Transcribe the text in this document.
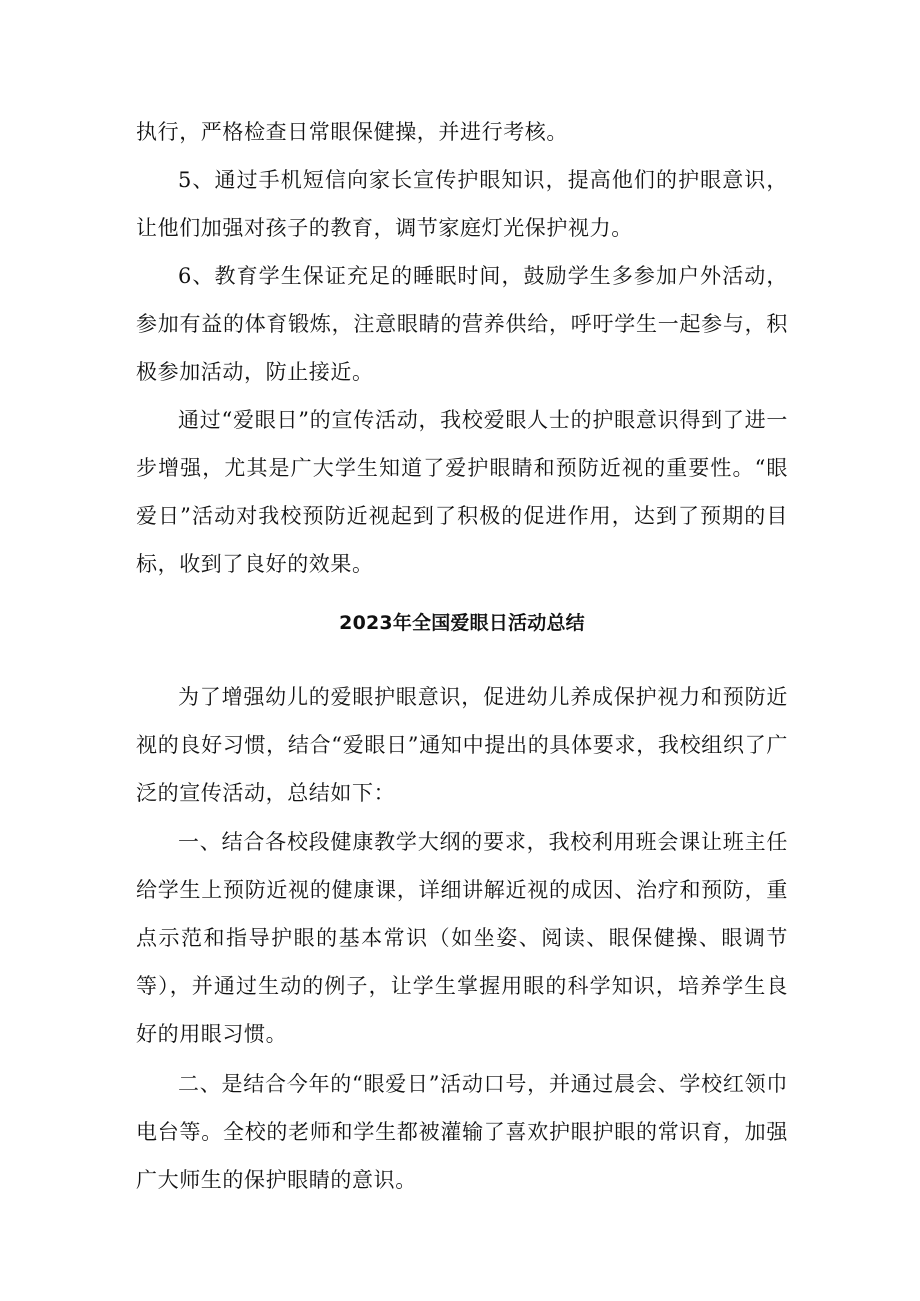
执行，严格检查日常眼保健操，并进行考核。

5、通过手机短信向家长宣传护眼知识，提高他们的护眼意识，让他们加强对孩子的教育，调节家庭灯光保护视力。

6、教育学生保证充足的睡眠时间，鼓励学生多参加户外活动，参加有益的体育锻炼，注意眼睛的营养供给，呼吁学生一起参与，积极参加活动，防止接近。

通过“爱眼日”的宣传活动，我校爱眼人士的护眼意识得到了进一步增强，尤其是广大学生知道了爱护眼睛和预防近视的重要性。“眼爱日”活动对我校预防近视起到了积极的促进作用，达到了预期的目标，收到了良好的效果。

2023年全国爱眼日活动总结

为了增强幼儿的爱眼护眼意识，促进幼儿养成保护视力和预防近视的良好习惯，结合“爱眼日”通知中提出的具体要求，我校组织了广泛的宣传活动，总结如下：

一、结合各校段健康教学大纲的要求，我校利用班会课让班主任给学生上预防近视的健康课，详细讲解近视的成因、治疗和预防，重点示范和指导护眼的基本常识（如坐姿、阅读、眼保健操、眼调节等），并通过生动的例子，让学生掌握用眼的科学知识，培养学生良好的用眼习惯。

二、是结合今年的“眼爱日”活动口号，并通过晨会、学校红领巾电台等。全校的老师和学生都被灌输了喜欢护眼护眼的常识育，加强广大师生的保护眼睛的意识。
